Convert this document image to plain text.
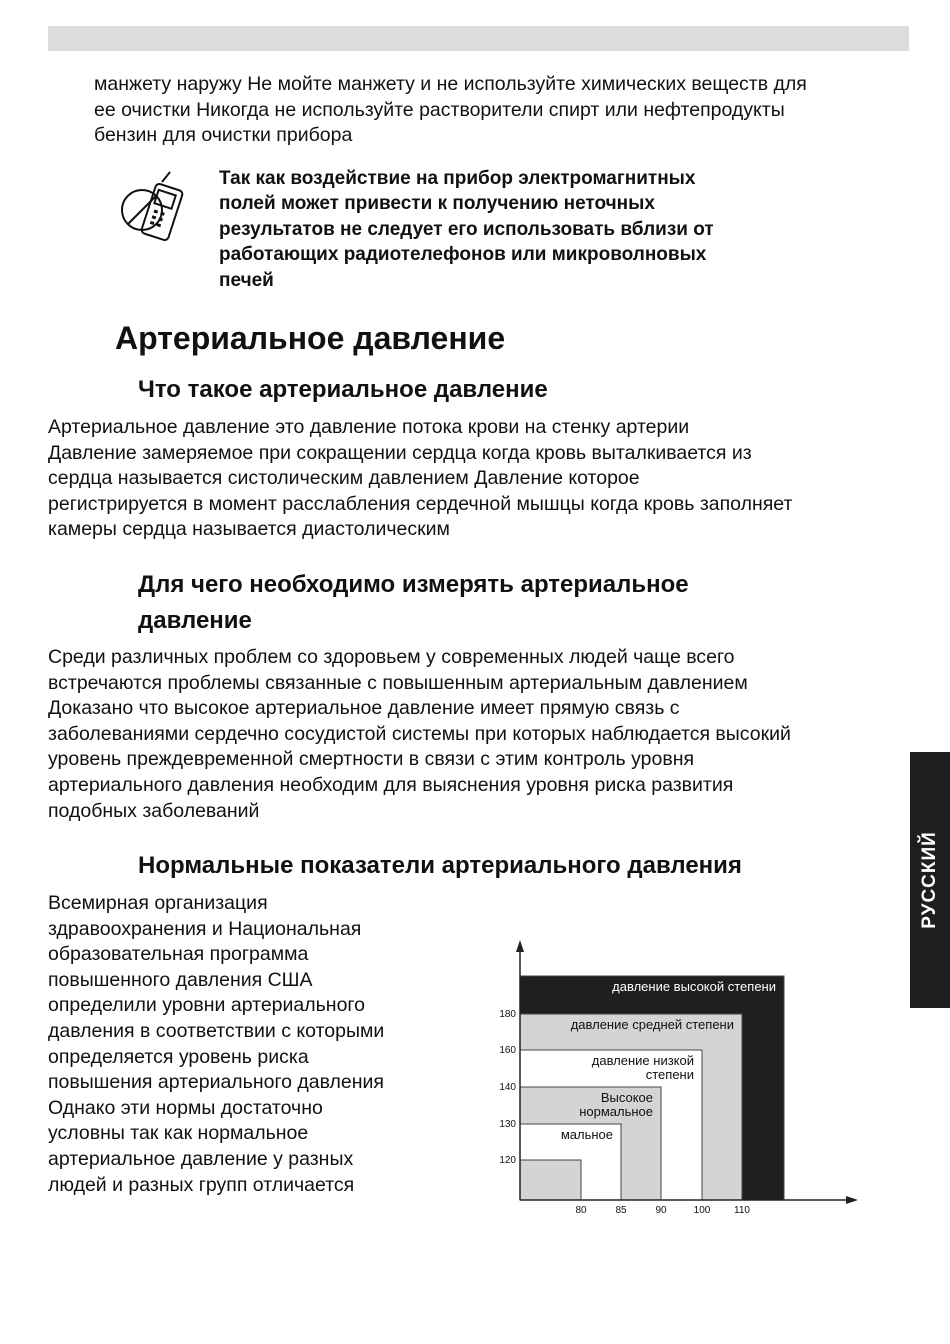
манжету наружу Не мойте манжету и не используйте химических веществ для
ее очистки Никогда не используйте растворители спирт или нефтепродукты
бензин для очистки прибора

Так как воздействие на прибор электромагнитных
полей может привести к получению неточных
результатов не следует его использовать вблизи от
работающих радиотелефонов или микроволновых
печей

Артериальное давление
Что такое артериальное давление

Артериальное давление это давление потока крови на стенку артерии
Давление замеряемое при сокращении сердца когда кровь выталкивается из
сердца называется систолическим давлением Давление которое
регистрируется в момент расслабления сердечной мышцы когда кровь заполняет
камеры сердца называется диастолическим

Для чего необходимо измерять артериальное
давление

Среди различных проблем со здоровьем у современных людей чаще всего
встречаются проблемы связанные с повышенным артериальным давлением
Доказано что высокое артериальное давление имеет прямую связь с
заболеваниями сердечно сосудистой системы при которых наблюдается высокий
уровень преждевременной смертности в связи с этим контроль уровня
артериального давления необходим для выяснения уровня риска развития
подобных заболеваний

Нормальные показатели артериального давления

Всемирная организация
здравоохранения и Национальная
образовательная программа
повышенного давления США
определили уровни артериального
давления в соответствии с которыми
определяется уровень риска
повышения артериального давления
Однако эти нормы достаточно
условны так как нормальное
артериальное давление у разных
людей и разных групп отличается

РУССКИЙ
давление высокой степени
давление средней степени
давление низкой степени
Высокое нормальное
мальное
80	85	90	100 110
120
130
140
160
180
